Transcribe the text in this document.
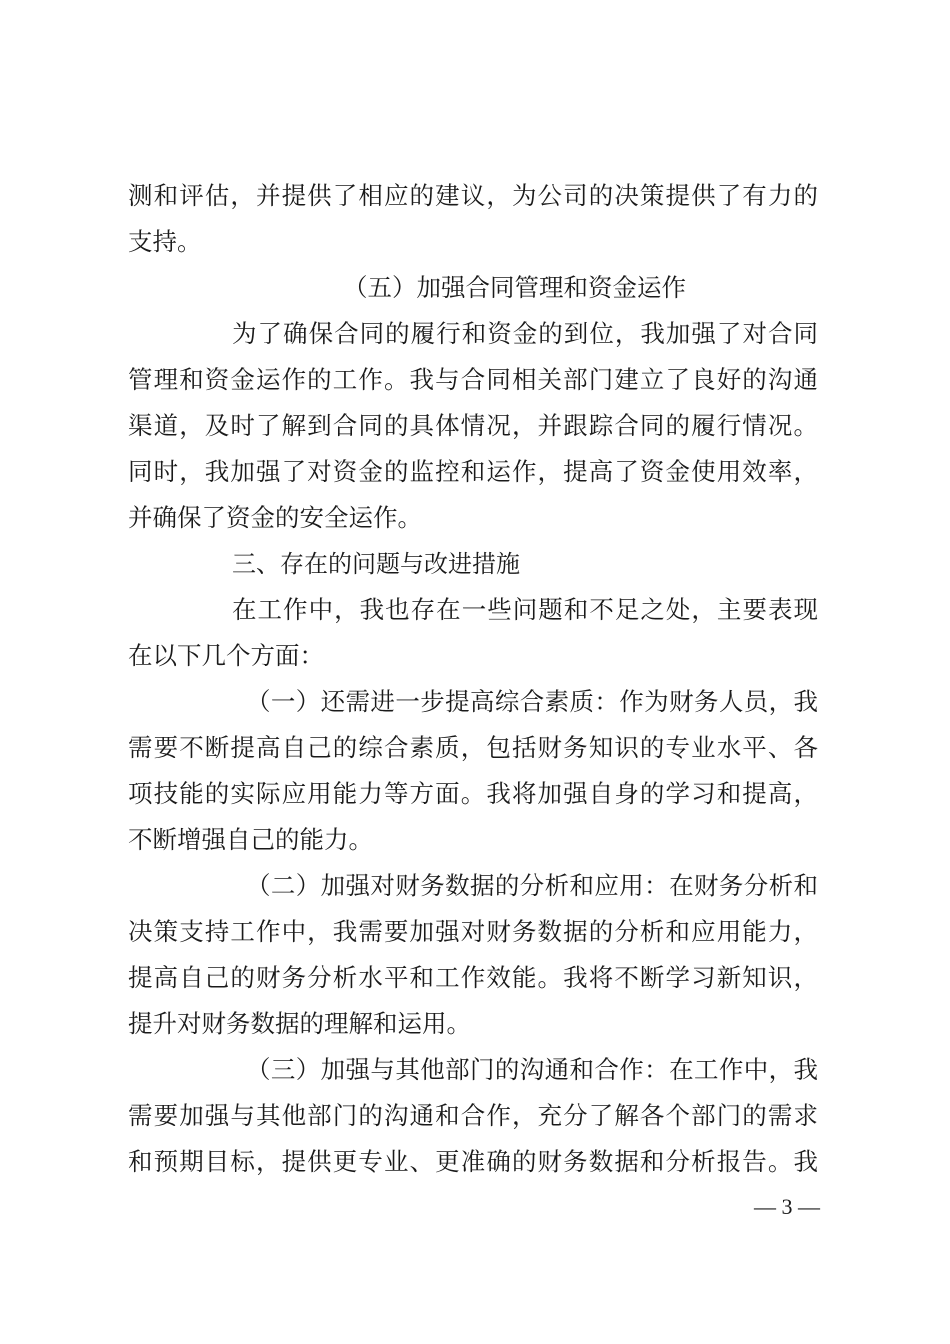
测和评估，并提供了相应的建议，为公司的决策提供了有力的
支持。
（五）加强合同管理和资金运作
为了确保合同的履行和资金的到位，我加强了对合同
管理和资金运作的工作。我与合同相关部门建立了良好的沟通
渠道，及时了解到合同的具体情况，并跟踪合同的履行情况。
同时，我加强了对资金的监控和运作，提高了资金使用效率，
并确保了资金的安全运作。
三、存在的问题与改进措施
在工作中，我也存在一些问题和不足之处，主要表现
在以下几个方面：
（一）还需进一步提高综合素质：作为财务人员，我
需要不断提高自己的综合素质，包括财务知识的专业水平、各
项技能的实际应用能力等方面。我将加强自身的学习和提高，
不断增强自己的能力。
（二）加强对财务数据的分析和应用：在财务分析和
决策支持工作中，我需要加强对财务数据的分析和应用能力，
提高自己的财务分析水平和工作效能。我将不断学习新知识，
提升对财务数据的理解和运用。
（三）加强与其他部门的沟通和合作：在工作中，我
需要加强与其他部门的沟通和合作，充分了解各个部门的需求
和预期目标，提供更专业、更准确的财务数据和分析报告。我
— 3 —
